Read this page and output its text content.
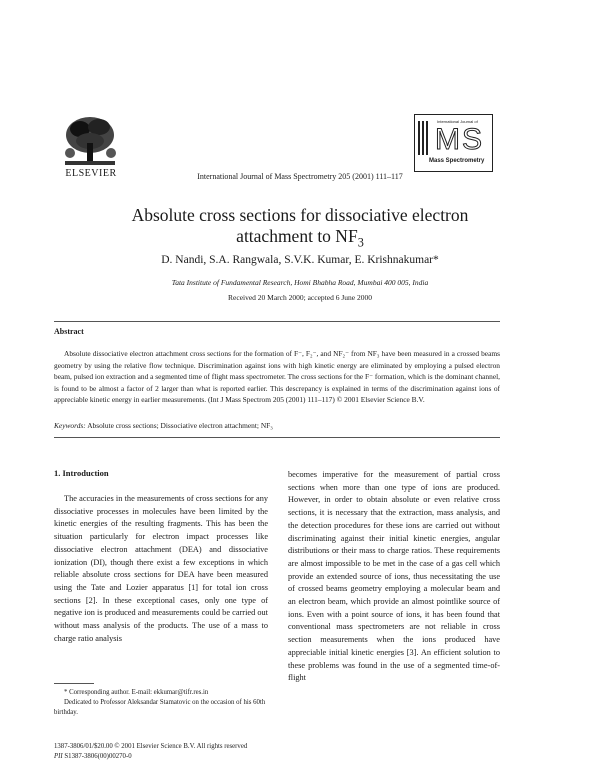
ELSEVIER	International Journal of Mass Spectrometry 205 (2001) 111–117
International Journal of
MS
Mass Spectrometry
Absolute cross sections for dissociative electron
attachment to $NF_3$
D. Nandi, S.A. Rangwala, S.V.K. Kumar, E. Krishnakumar*
Tata Institute of Fundamental Research, Homi Bhabha Road, Mumbai 400 005, India
Received 20 March 2000; accepted 6 June 2000
Abstract
Absolute dissociative electron attachment cross sections for the formation of F⁻, F₂⁻, and NF₂⁻ from NF₃ have been measured in a crossed beams geometry by using the relative flow technique. Discrimination against ions with high kinetic energy are eliminated by employing a pulsed electron beam, pulsed ion extraction and a segmented time of flight mass spectrometer. The cross sections for the F⁻ formation, which is the dominant channel, is found to be almost a factor of 2 larger than what is reported earlier. This descrepancy is explained in terms of the discrimination against ions of appreciable kinetic energy in earlier measurements. (Int J Mass Spectrom 205 (2001) 111–117) © 2001 Elsevier Science B.V.
Keywords: Absolute cross sections; Dissociative electron attachment; NF₃
1. Introduction
The accuracies in the measurements of cross sections for any dissociative processes in molecules have been limited by the kinetic energies of the resulting fragments. This has been the situation particularly for electron impact processes like dissociative electron attachment (DEA) and dissociative ionization (DI), though there exist a few exceptions in which reliable absolute cross sections for DEA have been measured using the Tate and Lozier apparatus [1] for total ion cross sections [2]. In these exceptional cases, only one type of negative ion is produced and measurements could be carried out without mass analysis of the products. The use of a mass to charge ratio analysis
becomes imperative for the measurement of partial cross sections when more than one type of ions are produced. However, in order to obtain absolute or even relative cross sections, it is necessary that the extraction, mass analysis, and the detection procedures for these ions are carried out without discriminating against their initial kinetic energies, angular distributions or their mass to charge ratios. These requirements are almost impossible to be met in the case of a gas cell which provide an extended source of ions, thus necessitating the use of crossed beams geometry employing a molecular beam and an electron beam, which provide an almost pointlike source of ions. Even with a point source of ions, it has been found that conventional mass spectrometers are not reliable in cross section measurements when the ions produced have appreciable initial kinetic energies [3]. An efficient solution to these problems was found in the use of a segmented time-of-flight
* Corresponding author. E-mail: ekkumar@tifr.res.in
Dedicated to Professor Aleksandar Stamatovic on the occasion of his 60th birthday.
1387-3806/01/$20.00 © 2001 Elsevier Science B.V. All rights reserved
PII S1387-3806(00)00270-0
